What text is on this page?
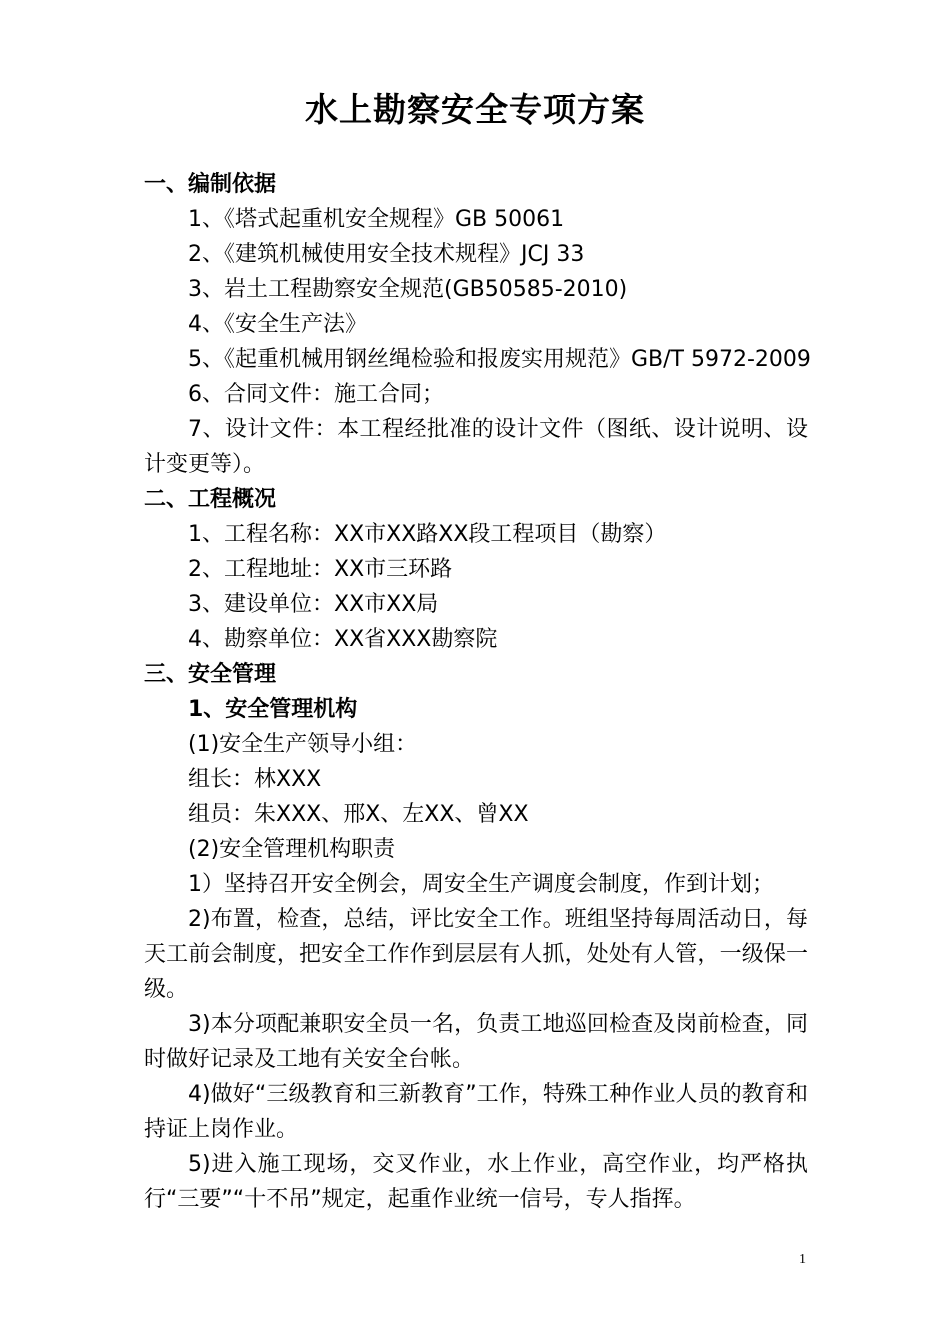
水上勘察安全专项方案
一、编制依据
1、《塔式起重机安全规程》GB 50061
2、《建筑机械使用安全技术规程》JCJ 33
3、岩土工程勘察安全规范(GB50585-2010)
4、《安全生产法》
5、《起重机械用钢丝绳检验和报废实用规范》GB/T 5972-2009
6、合同文件：施工合同；
7、设计文件：本工程经批准的设计文件（图纸、设计说明、设计变更等）。
二、工程概况
1、工程名称：XX市XX路XX段工程项目（勘察）
2、工程地址：XX市三环路
3、建设单位：XX市XX局
4、勘察单位：XX省XXX勘察院
三、安全管理
1、安全管理机构
(1)安全生产领导小组：
组长：林XXX
组员：朱XXX、邢X、左XX、曾XX
(2)安全管理机构职责
1）坚持召开安全例会，周安全生产调度会制度，作到计划；
2)布置，检查，总结，评比安全工作。班组坚持每周活动日，每天工前会制度，把安全工作作到层层有人抓，处处有人管，一级保一级。
3)本分项配兼职安全员一名，负责工地巡回检查及岗前检查，同时做好记录及工地有关安全台帐。
4)做好“三级教育和三新教育”工作，特殊工种作业人员的教育和持证上岗作业。
5)进入施工现场，交叉作业，水上作业，高空作业，均严格执行“三要”“十不吊”规定，起重作业统一信号，专人指挥。
1
